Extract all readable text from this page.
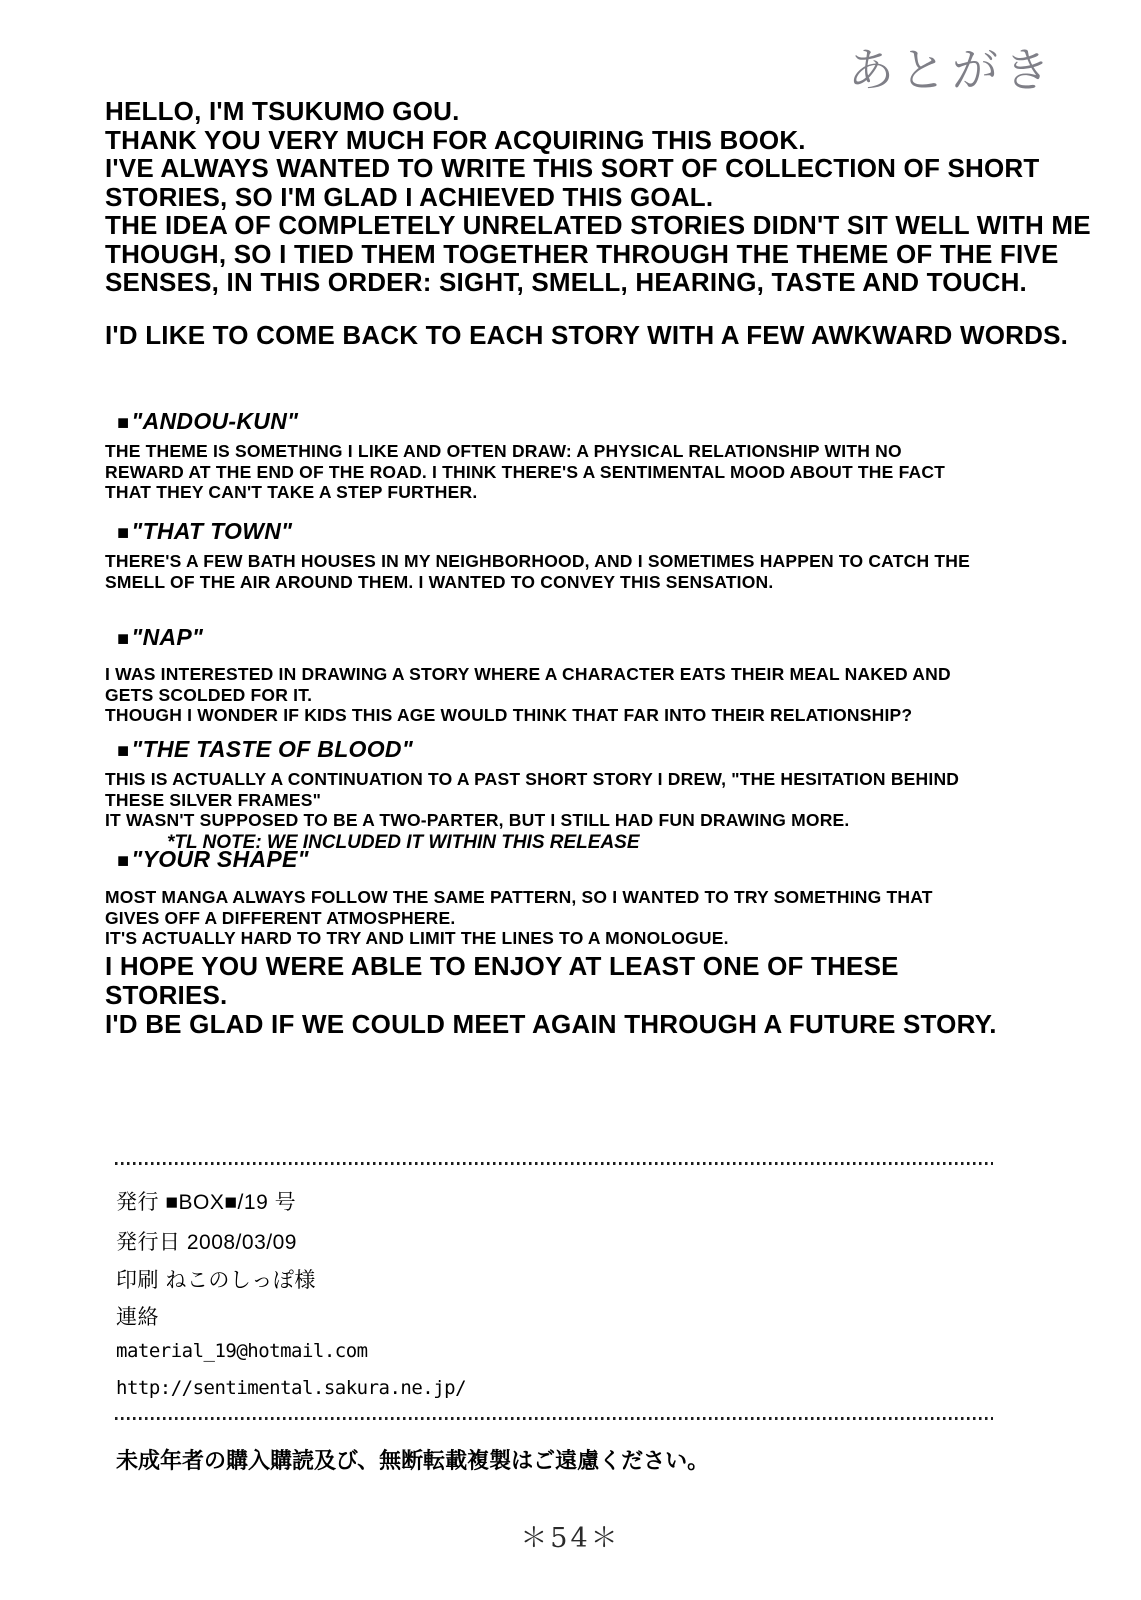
あとがき
HELLO, I'M TSUKUMO GOU.
THANK YOU VERY MUCH FOR ACQUIRING THIS BOOK.
I'VE ALWAYS WANTED TO WRITE THIS SORT OF COLLECTION OF SHORT
STORIES, SO I'M GLAD I ACHIEVED THIS GOAL.
THE IDEA OF COMPLETELY UNRELATED STORIES DIDN'T SIT WELL WITH ME
THOUGH, SO I TIED THEM TOGETHER THROUGH THE THEME OF THE FIVE
SENSES, IN THIS ORDER: SIGHT, SMELL, HEARING, TASTE AND TOUCH.
I'D LIKE TO COME BACK TO EACH STORY WITH A FEW AWKWARD WORDS.
■"ANDOU-KUN"
THE THEME IS SOMETHING I LIKE AND OFTEN DRAW: A PHYSICAL RELATIONSHIP WITH NO
REWARD AT THE END OF THE ROAD. I THINK THERE'S A SENTIMENTAL MOOD ABOUT THE FACT
THAT THEY CAN'T TAKE A STEP FURTHER.
■"THAT TOWN"
THERE'S A FEW BATH HOUSES IN MY NEIGHBORHOOD, AND I SOMETIMES HAPPEN TO CATCH THE
SMELL OF THE AIR AROUND THEM. I WANTED TO CONVEY THIS SENSATION.
■"NAP"
I WAS INTERESTED IN DRAWING A STORY WHERE A CHARACTER EATS THEIR MEAL NAKED AND
GETS SCOLDED FOR IT.
THOUGH I WONDER IF KIDS THIS AGE WOULD THINK THAT FAR INTO THEIR RELATIONSHIP?
■"THE TASTE OF BLOOD"
THIS IS ACTUALLY A CONTINUATION TO A PAST SHORT STORY I DREW, "THE HESITATION BEHIND
THESE SILVER FRAMES"
IT WASN'T SUPPOSED TO BE A TWO-PARTER, BUT I STILL HAD FUN DRAWING MORE.
*TL NOTE: WE INCLUDED IT WITHIN THIS RELEASE
■"YOUR SHAPE"
MOST MANGA ALWAYS FOLLOW THE SAME PATTERN, SO I WANTED TO TRY SOMETHING THAT
GIVES OFF A DIFFERENT ATMOSPHERE.
IT'S ACTUALLY HARD TO TRY AND LIMIT THE LINES TO A MONOLOGUE.
I HOPE YOU WERE ABLE TO ENJOY AT LEAST ONE OF THESE
STORIES.
I'D BE GLAD IF WE COULD MEET AGAIN THROUGH A FUTURE STORY.
発行 ■BOX■/19 号
発行日 2008/03/09
印刷 ねこのしっぽ様
連絡
material_19@hotmail.com
http://sentimental.sakura.ne.jp/
未成年者の購入購読及び、無断転載複製はご遠慮ください。
＊54＊
